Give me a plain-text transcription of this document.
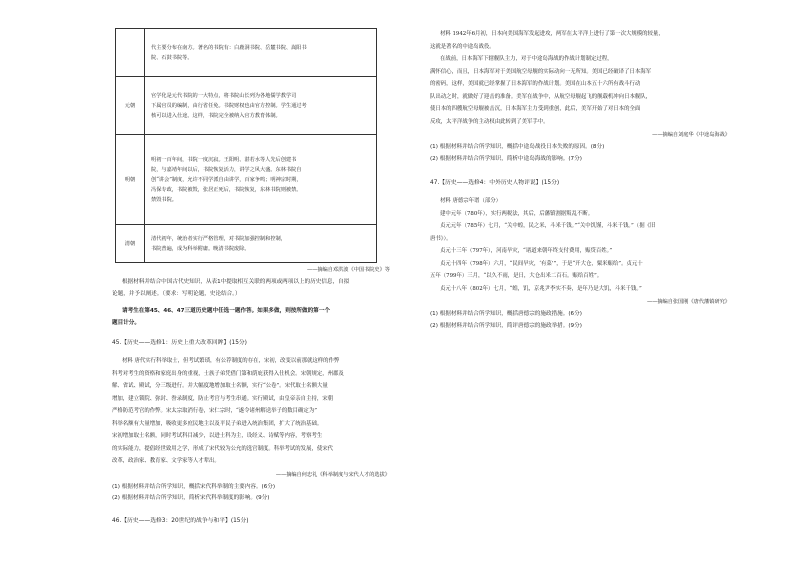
	代主要分布在南方。著名的书院有：白鹿洞书院、岳麓书院、嵩阳书
院、石鼓书院等。

元朝	官学化是元代书院的一大特点，将书院山长列为各地儒学教学司
下属官员的编制，由行省任免。书院财权也由官方控制。学生通过考
核可以进入仕途。这样，书院完全被纳入官方教育体制。

明朝	明初一百年间，书院一度沉寂。王阳明、湛若水等人先后创建书
院，与嘉靖年间以后，书院恢复活力，讲学之风大盛。东林书院自
创“讲会”制度，允许不同学派自由讲学，百家争鸣；明神宗时期，
冯保专政，书院被毁，张居正死后，书院恢复，东林书院则被禁。
禁毁书院。

清朝	清代初年，统治者实行严格管理，对书院加强控制和控制，
书院普遍，成为科举附庸。晚清书院废除。
——摘编自邓洪波《中国书院史》等
根据材料并结合中国古代史知识，从表1中提取相互关联的两项或两项以上的历史信息，自拟
论题，并予以阐述。（要求：写明论题，史论结合。）
请考生在第45、46、47三道历史题中任选一题作答。如果多做，则按所做的第一个
题目计分。
45.【历史——选修1：历史上重大改革回眸】(15分)
材料 唐代实行科举取士，但考试繁琐，有公荐制度的存在，宋初，改变以前那就这样的作弊
科考对考生的资格和家庭出身的重视，士族子弟凭借门第和荫庇获得入仕机会。宋朝规定，州郡及
解、省试、殿试，分三级进行。并大幅度地增加取士名额，实行“公卷”。宋代取士名额大量
增加，建立锁院、弥封、誊录制度，防止考官与考生串通。实行殿试，由皇帝亲自主持，宋朝
严格防范考官的作弊。宋太宗取消行卷，宋仁宗时，“遂令诸州解送举子的数目确定为”
科举名额有大量增加，吸收更多庶民地主以及平民子弟进入统治集团，扩大了统治基础。
宋初增加取士名额，同时考试科目减少，以进士科为主，设经义、诗赋等内容，考察考生
的实际能力，提倡经世致用之学，形成了宋代较为公允的选官制度。科举考试的发展，使宋代
改革，政治家、教育家、文学家等人才辈出。
——摘编自何忠礼《科举制度与宋代人才的选拔》
(1) 根据材料并结合所学知识，概括宋代科举制的主要内容。(6分)
(2) 根据材料并结合所学知识，简析宋代科举制度的影响。(9分)
46.【历史——选修3：20世纪的战争与和平】(15分)
材料 1942年6月初，日本向美国海军发起进攻，两军在太平洋上进行了第一次大规模的较量，
这就是著名的中途岛战役。
在战前，日本海军下辖舰队主力，对于中途岛海战的作战计划制定过程，
满怀信心，而且，日本海军对于美国航空母舰的实际动向一无所知。美国已经破译了日本海军
的密码，这样，美国就已经掌握了日本海军的作战计划。美国在山本五十六所有战斗行动
队出动之时，就做好了迎击的准备。美军在战争中，从航空母舰起飞的舰载机冲向日本舰队，
使日本的四艘航空母舰被击沉，日本海军主力受到重创，此后，美军开始了对日本的全面
反攻，太平洋战争的主动权由此转到了美军手中。
——摘编自刘庭华《中途岛海战》
(1) 根据材料并结合所学知识，概括中途岛战役日本失败的原因。(8分)
(2) 根据材料并结合所学知识，简析中途岛海战的影响。(7分)
47.【历史——选修4：中外历史人物评说】(15分)
材料 唐德宗年谱（部分）
建中元年（780年），实行两税法，其后，后藩镇割据叛乱不断。
贞元元年（785年）七月，“关中蝗，民之米，斗米千钱。”“关中饥馑，斗米千钱。”（据《旧
唐书》）。
贞元十三年（797年），河南旱灾，“诸道来朝年终支付费用，赈贷百姓。”
贞元十四年（798年）六月，“民间旱灾，‘有菜’”，于是“开大仓，粟米赈给”。贞元十
五年（799年）三月，“以久不雨，是日，大仓出米二百石。赈给百姓”。
贞元十八年（802年）七月，“蝗，饥，京兆尹李实不奏，是年乃是大饥，斗米千钱。”
——摘编自张国刚《唐代藩镇研究》
(1) 根据材料并结合所学知识，概括唐德宗的施政措施。(6分)
(2) 根据材料并结合所学知识，简评唐德宗的施政举措。(9分)
